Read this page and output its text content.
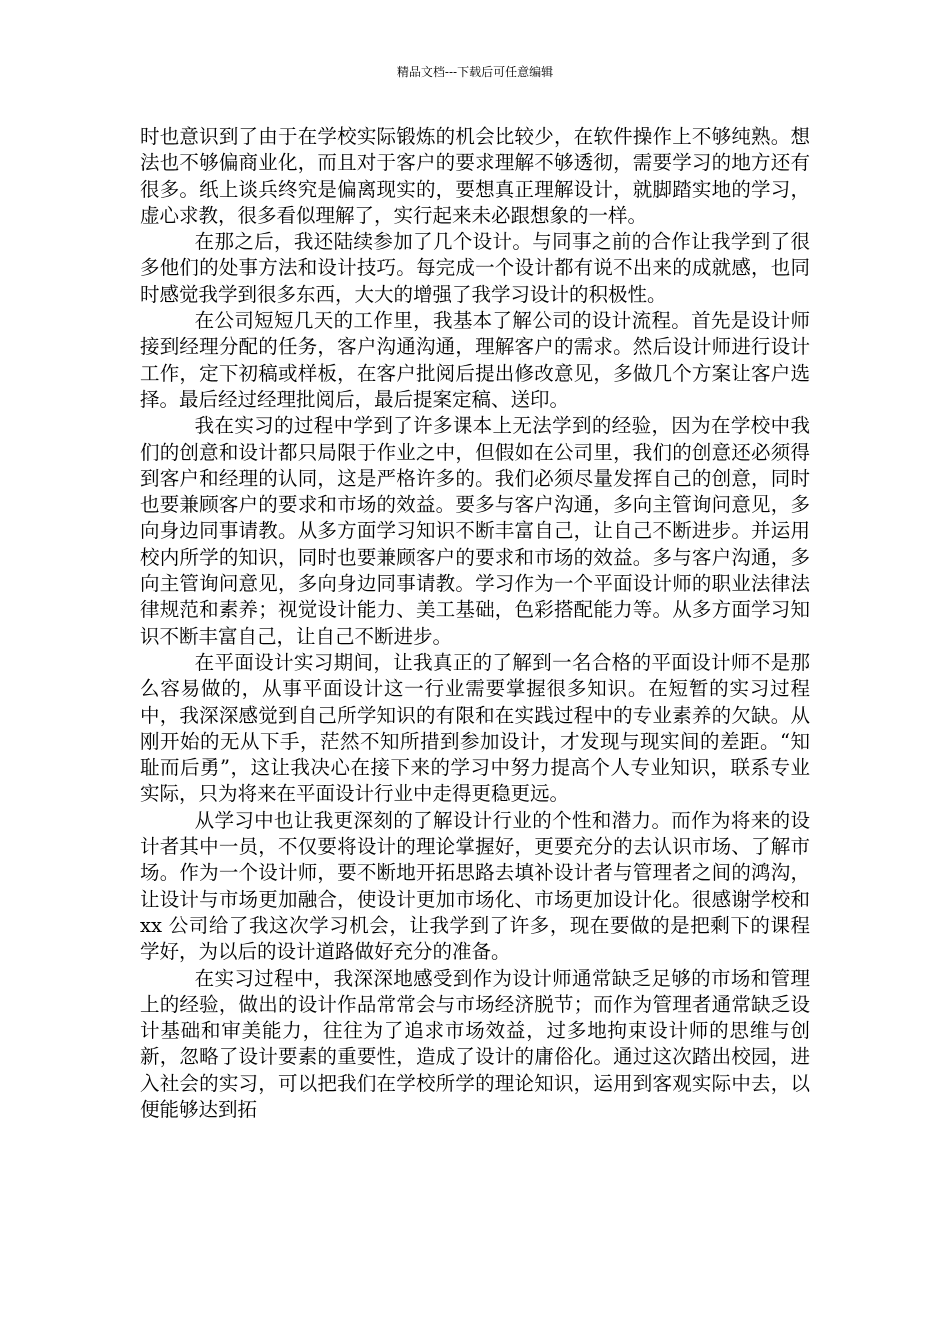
精品文档---下载后可任意编辑

时也意识到了由于在学校实际锻炼的机会比较少，在软件操作上不够纯熟。想法也不够偏商业化，而且对于客户的要求理解不够透彻，需要学习的地方还有很多。纸上谈兵终究是偏离现实的，要想真正理解设计，就脚踏实地的学习，虚心求教，很多看似理解了，实行起来未必跟想象的一样。

在那之后，我还陆续参加了几个设计。与同事之前的合作让我学到了很多他们的处事方法和设计技巧。每完成一个设计都有说不出来的成就感，也同时感觉我学到很多东西，大大的增强了我学习设计的积极性。

在公司短短几天的工作里，我基本了解公司的设计流程。首先是设计师接到经理分配的任务，客户沟通沟通，理解客户的需求。然后设计师进行设计工作，定下初稿或样板，在客户批阅后提出修改意见，多做几个方案让客户选择。最后经过经理批阅后，最后提案定稿、送印。

我在实习的过程中学到了许多课本上无法学到的经验，因为在学校中我们的创意和设计都只局限于作业之中，但假如在公司里，我们的创意还必须得到客户和经理的认同，这是严格许多的。我们必须尽量发挥自己的创意，同时也要兼顾客户的要求和市场的效益。要多与客户沟通，多向主管询问意见，多向身边同事请教。从多方面学习知识不断丰富自己，让自己不断进步。并运用校内所学的知识，同时也要兼顾客户的要求和市场的效益。多与客户沟通，多向主管询问意见，多向身边同事请教。学习作为一个平面设计师的职业法律法律规范和素养；视觉设计能力、美工基础，色彩搭配能力等。从多方面学习知识不断丰富自己，让自己不断进步。

在平面设计实习期间，让我真正的了解到一名合格的平面设计师不是那么容易做的，从事平面设计这一行业需要掌握很多知识。在短暂的实习过程中，我深深感觉到自己所学知识的有限和在实践过程中的专业素养的欠缺。从刚开始的无从下手，茫然不知所措到参加设计，才发现与现实间的差距。“知耻而后勇”，这让我决心在接下来的学习中努力提高个人专业知识，联系专业实际，只为将来在平面设计行业中走得更稳更远。

从学习中也让我更深刻的了解设计行业的个性和潜力。而作为将来的设计者其中一员，不仅要将设计的理论掌握好，更要充分的去认识市场、了解市场。作为一个设计师，要不断地开拓思路去填补设计者与管理者之间的鸿沟，让设计与市场更加融合，使设计更加市场化、市场更加设计化。很感谢学校和 xx 公司给了我这次学习机会，让我学到了许多，现在要做的是把剩下的课程学好，为以后的设计道路做好充分的准备。

在实习过程中，我深深地感受到作为设计师通常缺乏足够的市场和管理上的经验，做出的设计作品常常会与市场经济脱节；而作为管理者通常缺乏设计基础和审美能力，往往为了追求市场效益，过多地拘束设计师的思维与创新，忽略了设计要素的重要性，造成了设计的庸俗化。通过这次踏出校园，进入社会的实习，可以把我们在学校所学的理论知识，运用到客观实际中去，以便能够达到拓
